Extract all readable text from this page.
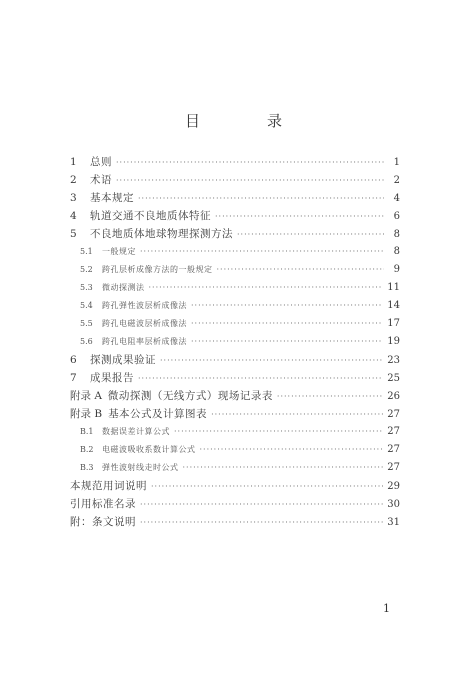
目　录
1	总则 ·····	1
2	术语 ·····	2
3	基本规定 ·····	4
4	轨道交通不良地质体特征 ·····	6
5	不良地质体地球物理探测方法 ·····	8
5.1	一般规定 ·····	8
5.2	跨孔层析成像方法的一般规定 ·····	9
5.3	微动探测法 ·····	11
5.4	跨孔弹性波层析成像法 ·····	14
5.5	跨孔电磁波层析成像法 ·····	17
5.6	跨孔电阻率层析成像法 ·····	19
6	探测成果验证 ·····	23
7	成果报告 ·····	25
附录 A 微动探测（无线方式）现场记录表 ·····	26
附录 B 基本公式及计算图表 ·····	27
B.1	数据误差计算公式 ·····	27
B.2	电磁波吸收系数计算公式 ·····	27
B.3	弹性波射线走时公式 ·····	27
本规范用词说明 ·····	29
引用标准名录 ·····	30
附：条文说明 ·····	31
1
